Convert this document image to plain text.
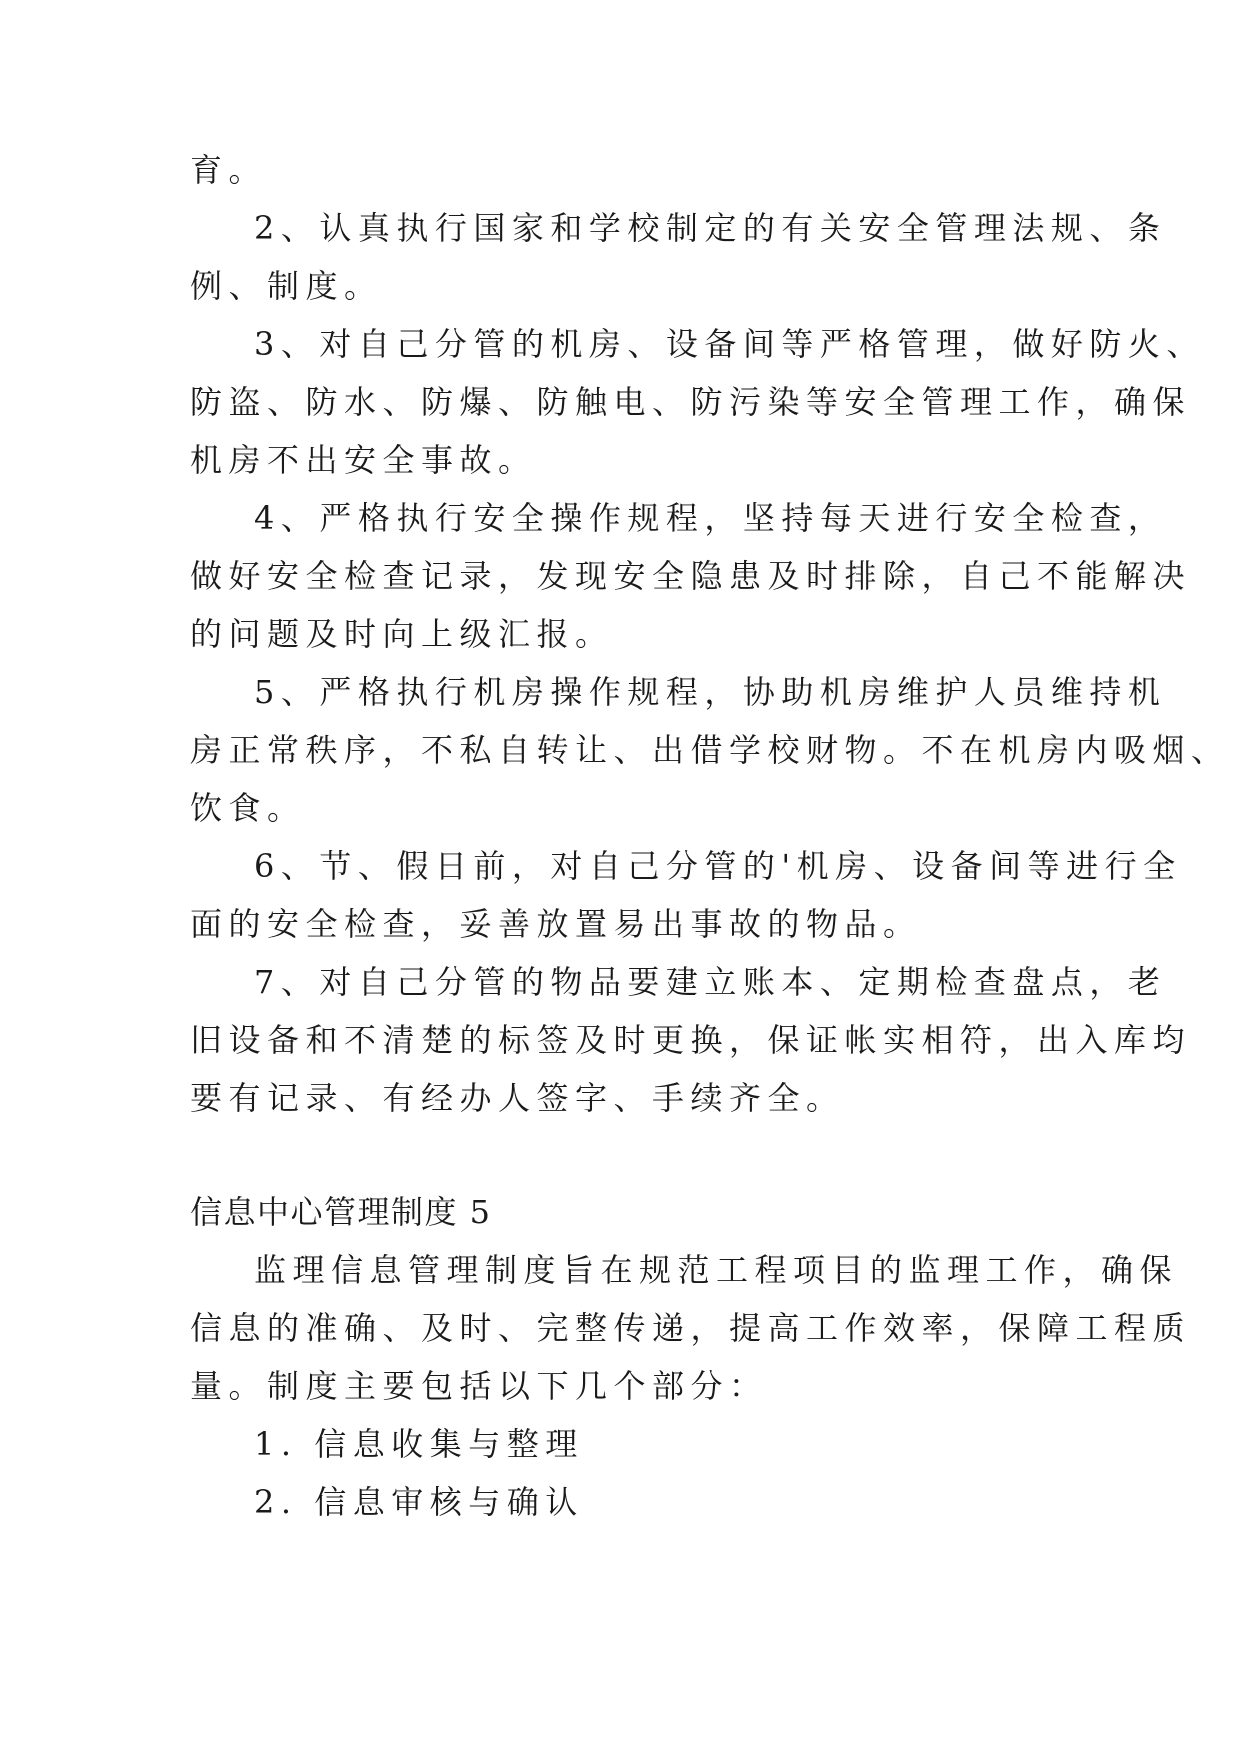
育。
2、认真执行国家和学校制定的有关安全管理法规、条
例、制度。
3、对自己分管的机房、设备间等严格管理，做好防火、
防盗、防水、防爆、防触电、防污染等安全管理工作，确保
机房不出安全事故。
4、严格执行安全操作规程，坚持每天进行安全检查，
做好安全检查记录，发现安全隐患及时排除，自己不能解决
的问题及时向上级汇报。
5、严格执行机房操作规程，协助机房维护人员维持机
房正常秩序，不私自转让、出借学校财物。不在机房内吸烟、
饮食。
6、节、假日前，对自己分管的'机房、设备间等进行全
面的安全检查，妥善放置易出事故的物品。
7、对自己分管的物品要建立账本、定期检查盘点，老
旧设备和不清楚的标签及时更换，保证帐实相符，出入库均
要有记录、有经办人签字、手续齐全。
信息中心管理制度 5
监理信息管理制度旨在规范工程项目的监理工作，确保
信息的准确、及时、完整传递，提高工作效率，保障工程质
量。制度主要包括以下几个部分：
1. 信息收集与整理
2. 信息审核与确认
